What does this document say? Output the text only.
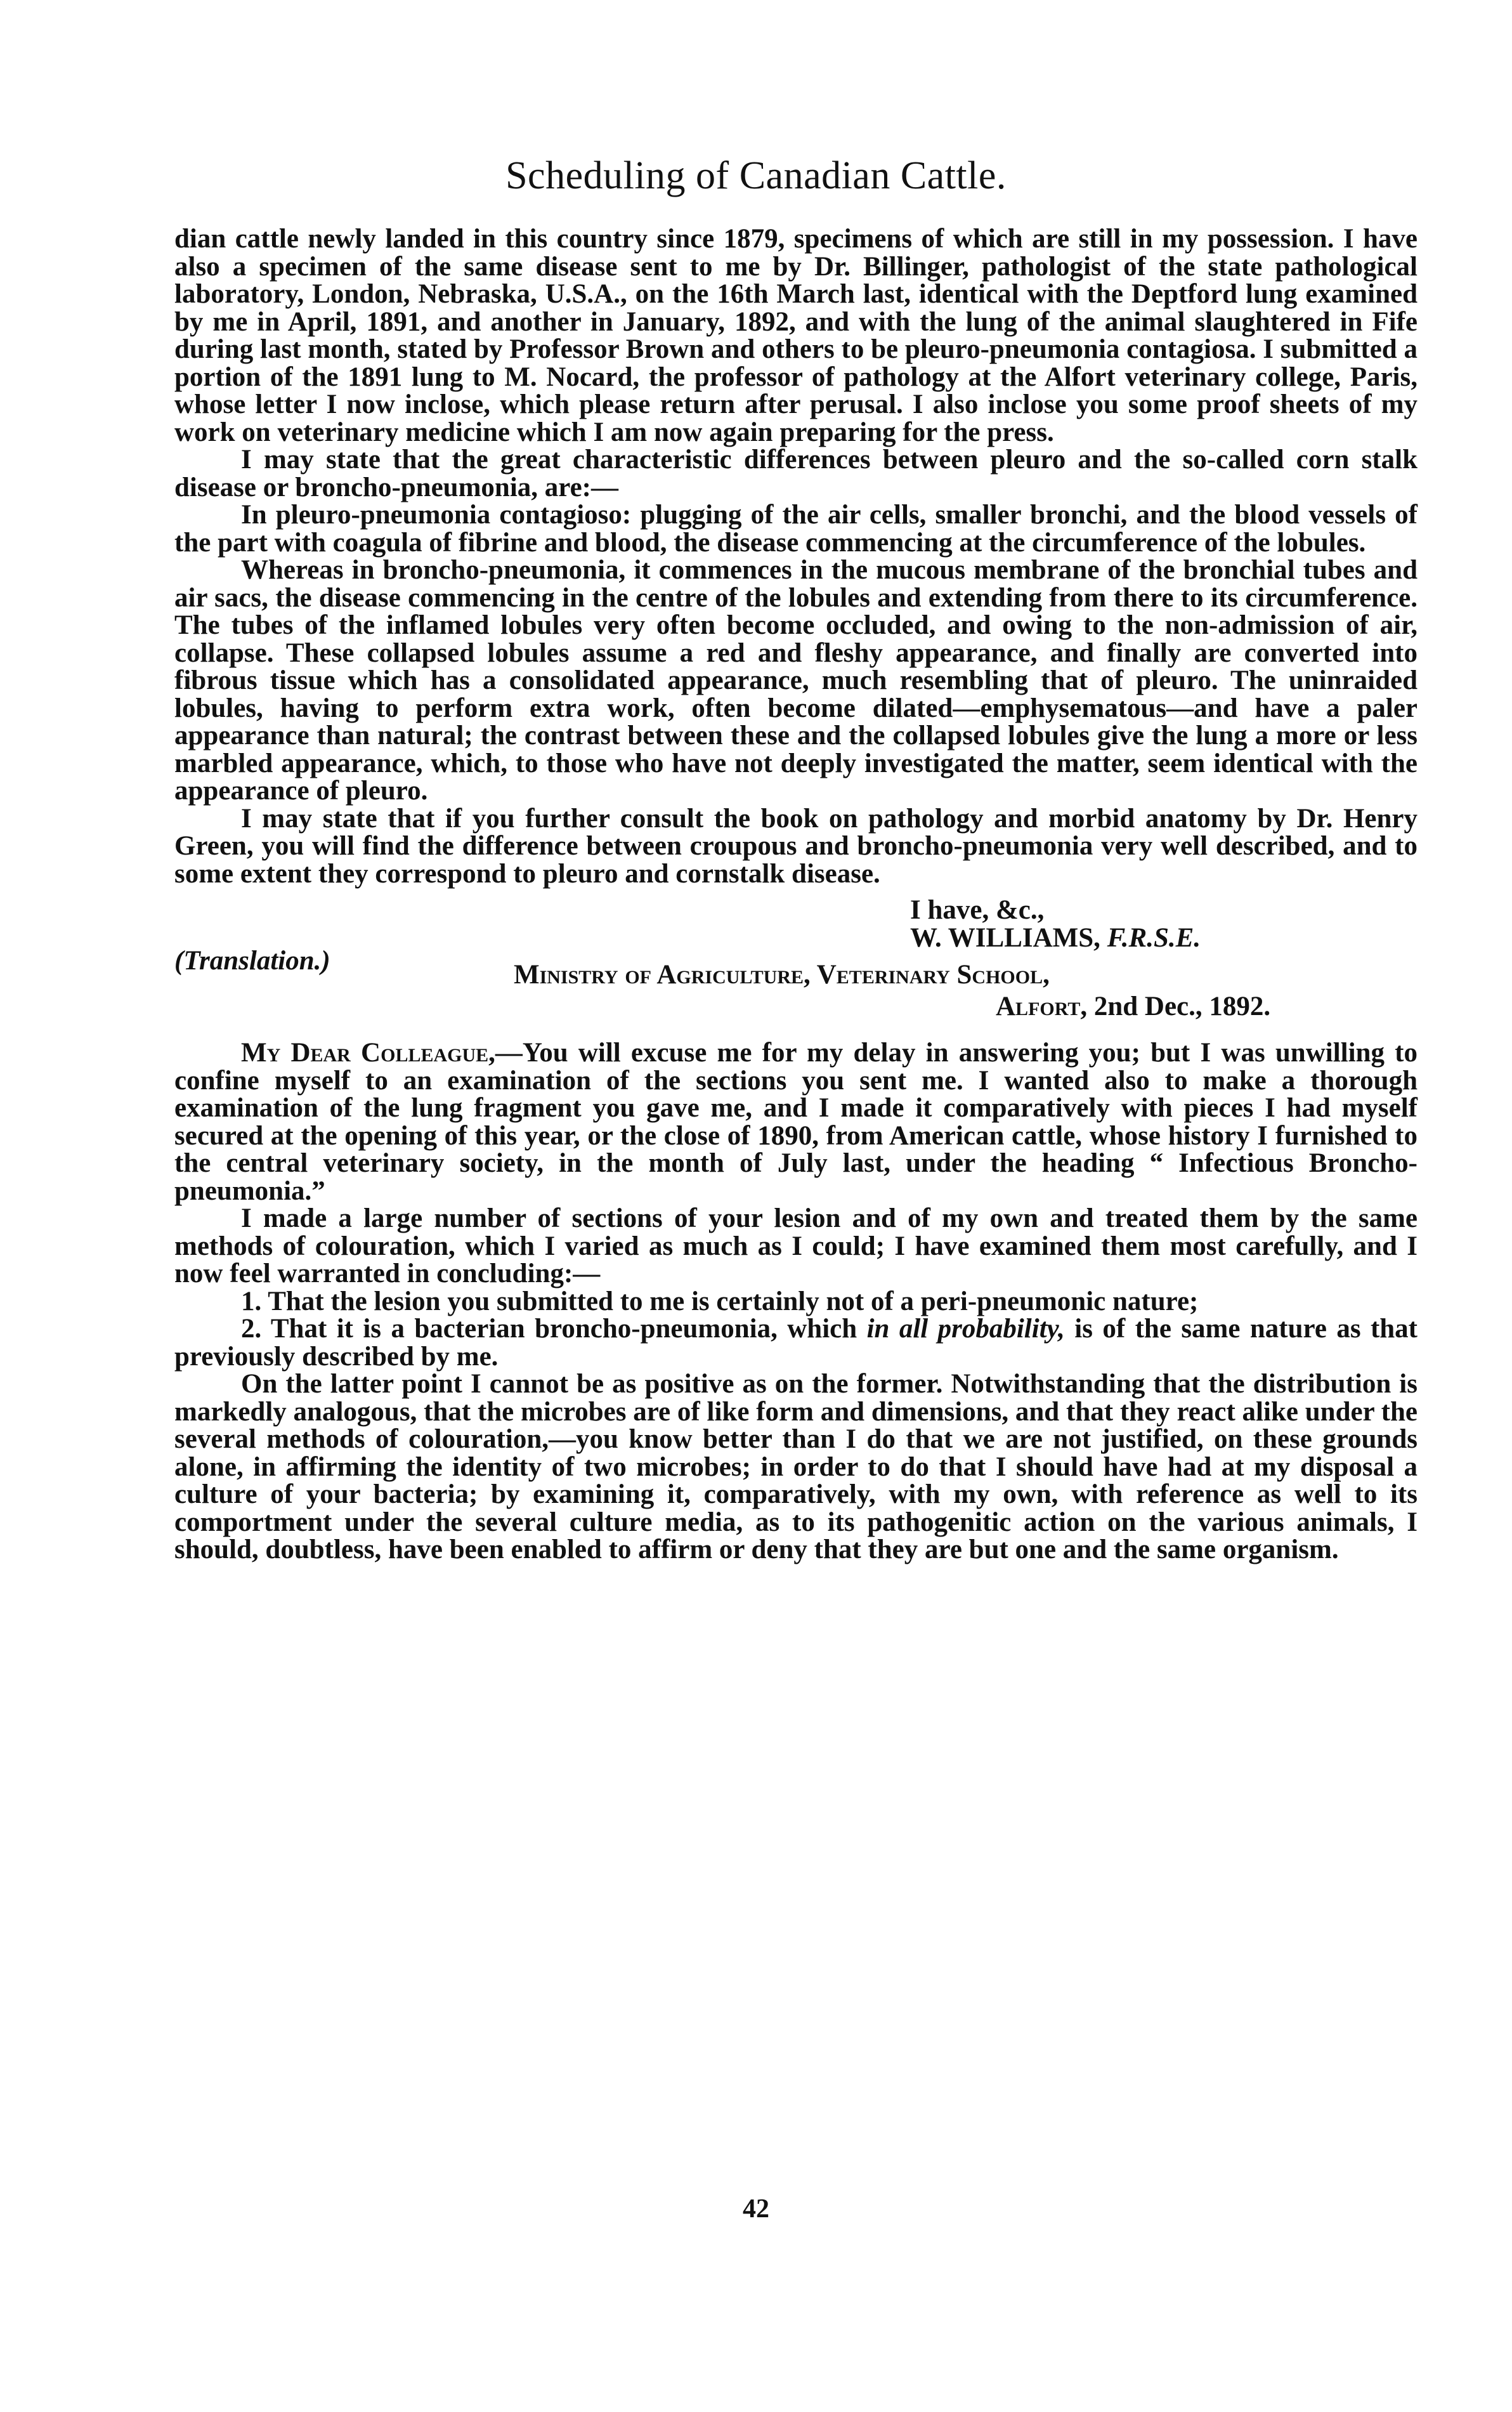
Scheduling of Canadian Cattle.

dian cattle newly landed in this country since 1879, specimens of which are still in my possession. I have also a specimen of the same disease sent to me by Dr. Billinger, pathologist of the state pathological laboratory, London, Nebraska, U.S.A., on the 16th March last, identical with the Deptford lung examined by me in April, 1891, and another in January, 1892, and with the lung of the animal slaughtered in Fife during last month, stated by Professor Brown and others to be pleuro-pneumonia contagiosa. I submitted a portion of the 1891 lung to M. Nocard, the professor of pathology at the Alfort veterinary college, Paris, whose letter I now inclose, which please return after perusal. I also inclose you some proof sheets of my work on veterinary medicine which I am now again preparing for the press.

I may state that the great characteristic differences between pleuro and the so-called corn stalk disease or broncho-pneumonia, are:—

In pleuro-pneumonia contagioso: plugging of the air cells, smaller bronchi, and the blood vessels of the part with coagula of fibrine and blood, the disease commencing at the circumference of the lobules.

Whereas in broncho-pneumonia, it commences in the mucous membrane of the bronchial tubes and air sacs, the disease commencing in the centre of the lobules and extending from there to its circumference. The tubes of the inflamed lobules very often become occluded, and owing to the non-admission of air, collapse. These collapsed lobules assume a red and fleshy appearance, and finally are converted into fibrous tissue which has a consolidated appearance, much resembling that of pleuro. The uninraided lobules, having to perform extra work, often become dilated—emphysematous—and have a paler appearance than natural; the contrast between these and the collapsed lobules give the lung a more or less marbled appearance, which, to those who have not deeply investigated the matter, seem identical with the appearance of pleuro.

I may state that if you further consult the book on pathology and morbid anatomy by Dr. Henry Green, you will find the difference between croupous and broncho-pneumonia very well described, and to some extent they correspond to pleuro and cornstalk disease.

I have, &c.,
W. WILLIAMS, F.R.S.E.
(Translation.)	Ministry of Agriculture, Veterinary School,
Alfort, 2nd Dec., 1892.

My Dear Colleague,—You will excuse me for my delay in answering you; but I was unwilling to confine myself to an examination of the sections you sent me. I wanted also to make a thorough examination of the lung fragment you gave me, and I made it comparatively with pieces I had myself secured at the opening of this year, or the close of 1890, from American cattle, whose history I furnished to the central veterinary society, in the month of July last, under the heading “ Infectious Broncho-pneumonia.”

I made a large number of sections of your lesion and of my own and treated them by the same methods of colouration, which I varied as much as I could; I have examined them most carefully, and I now feel warranted in concluding:—

1. That the lesion you submitted to me is certainly not of a peri-pneumonic nature;

2. That it is a bacterian broncho-pneumonia, which in all probability, is of the same nature as that previously described by me.

On the latter point I cannot be as positive as on the former. Notwithstanding that the distribution is markedly analogous, that the microbes are of like form and dimensions, and that they react alike under the several methods of colouration,—you know better than I do that we are not justified, on these grounds alone, in affirming the identity of two microbes; in order to do that I should have had at my disposal a culture of your bacteria; by examining it, comparatively, with my own, with reference as well to its comportment under the several culture media, as to its pathogenitic action on the various animals, I should, doubtless, have been enabled to affirm or deny that they are but one and the same organism.

42
